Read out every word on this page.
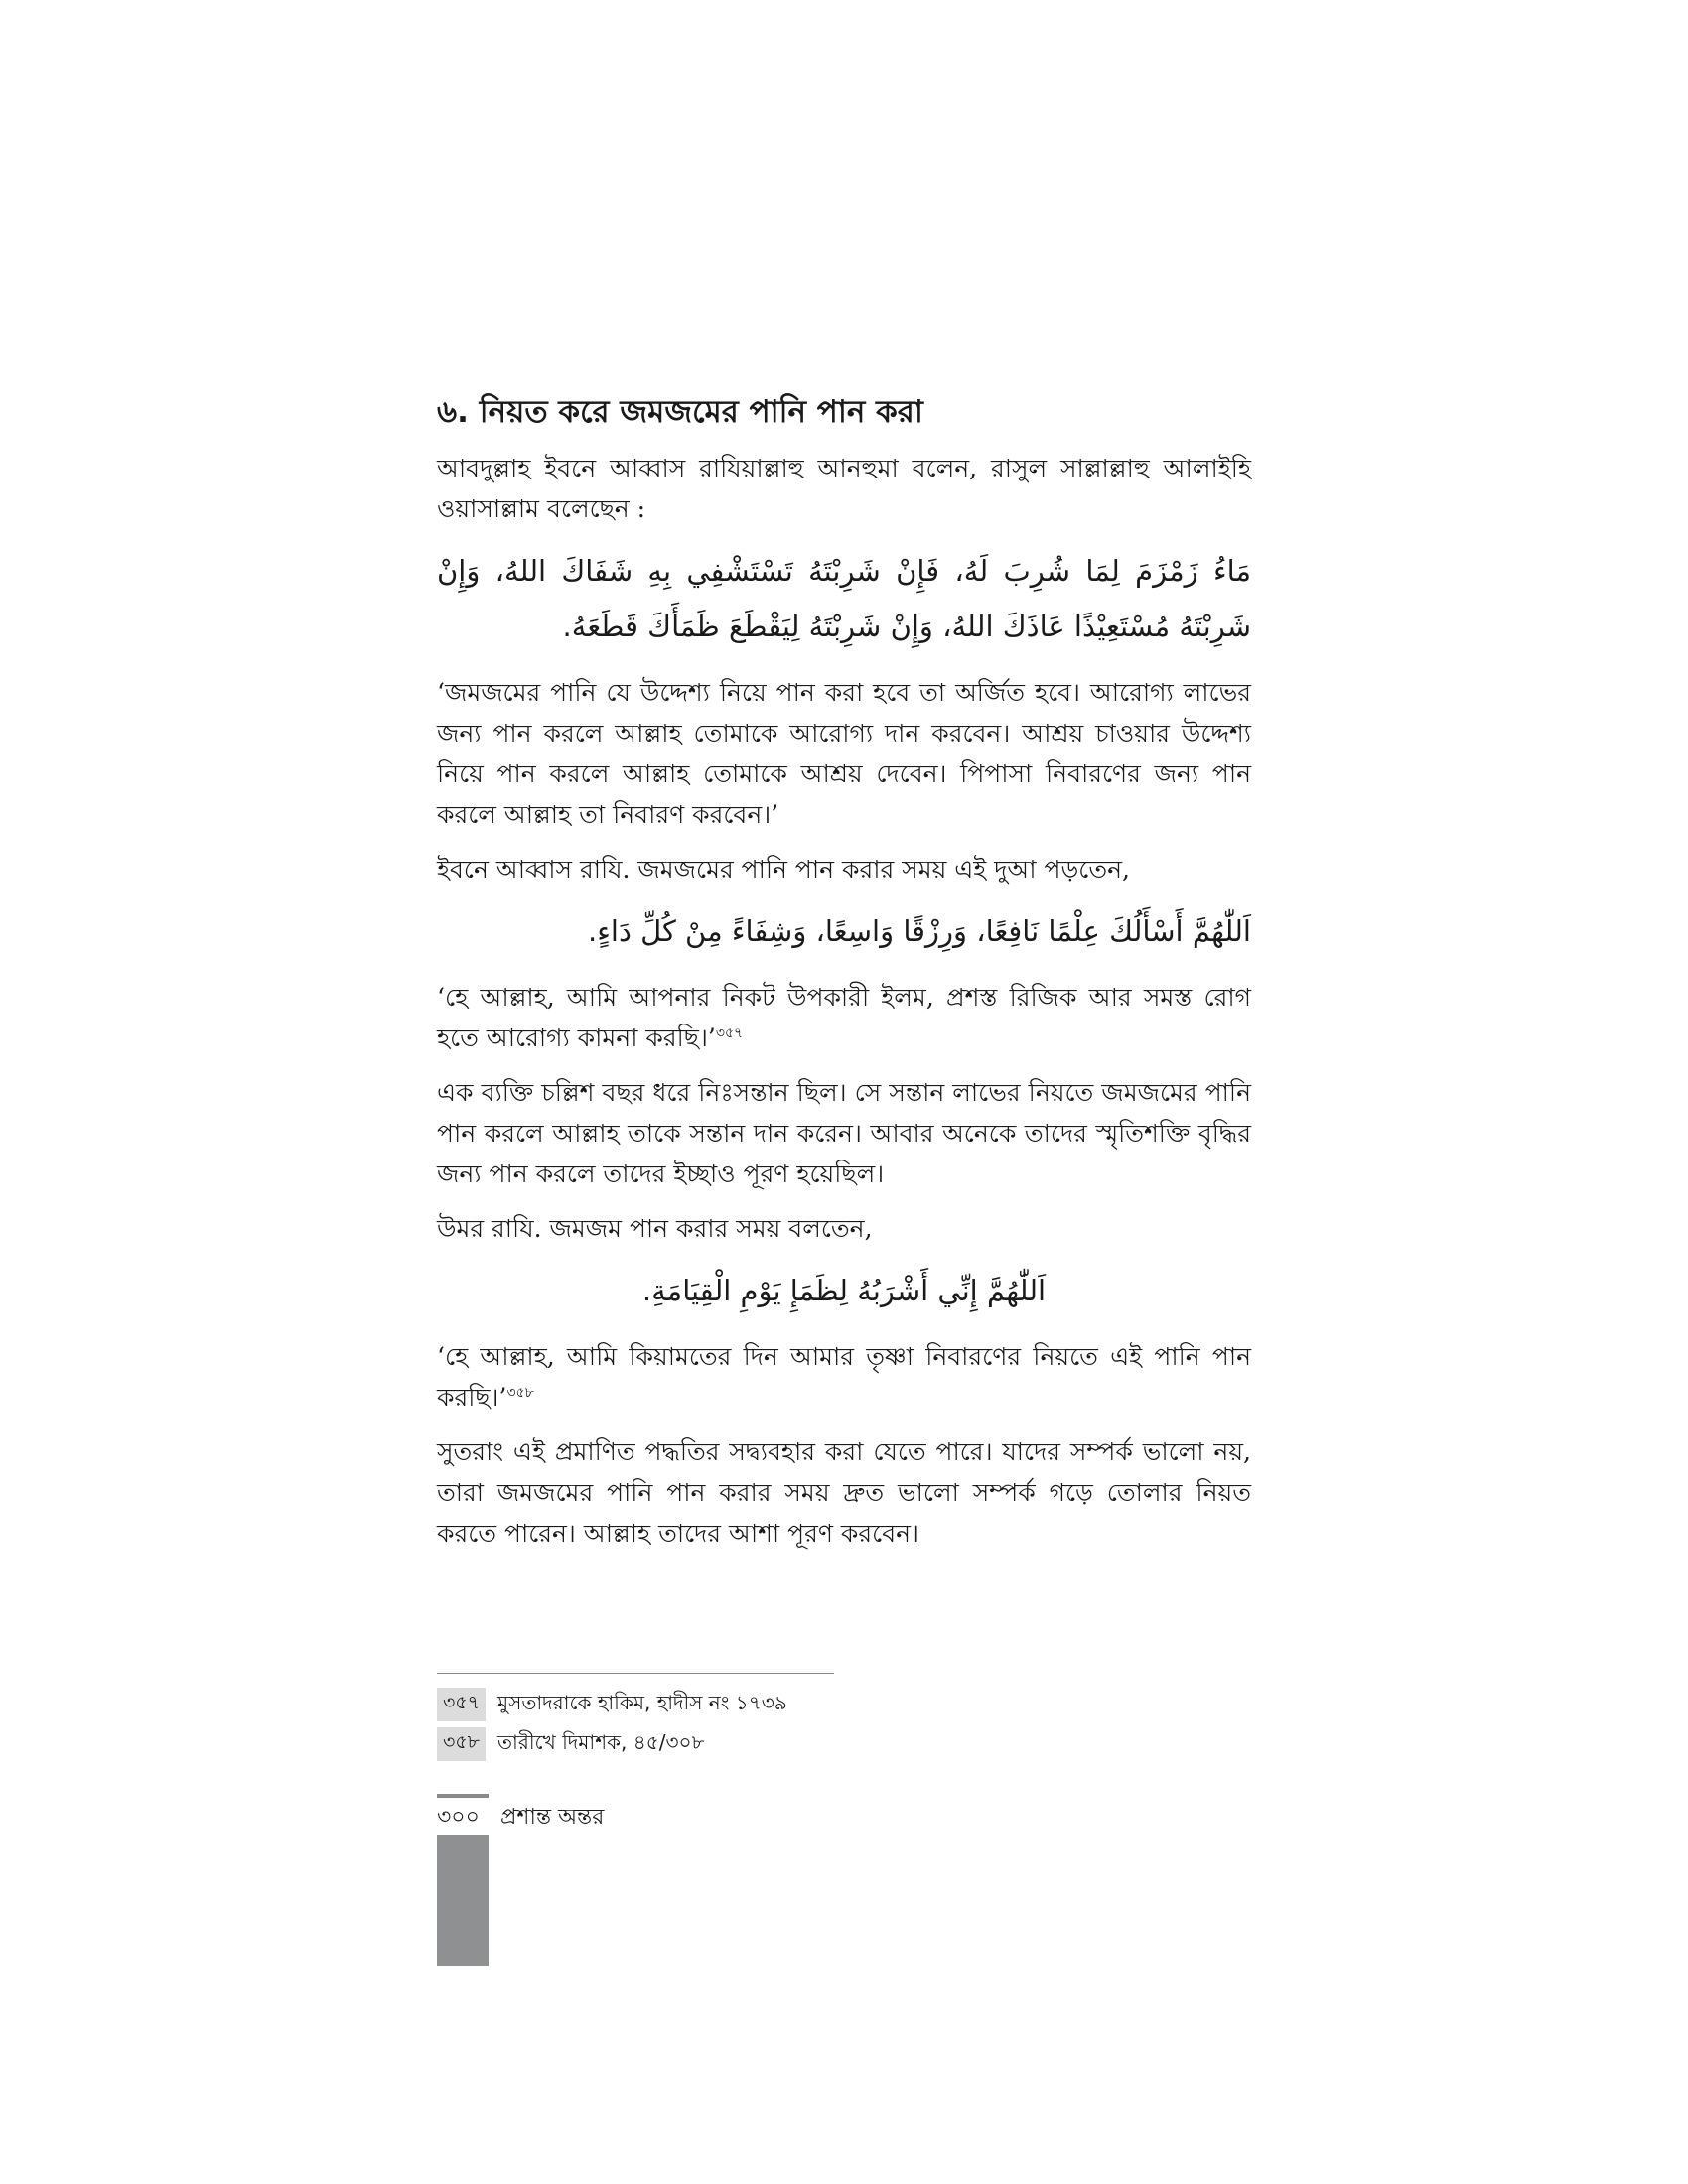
৬. নিয়ত করে জমজমের পানি পান করা

আবদুল্লাহ ইবনে আব্বাস রাযিয়াল্লাহু আনহুমা বলেন, রাসুল সাল্লাল্লাহু আলাইহি ওয়াসাল্লাম বলেছেন :

مَاءُ زَمْزَمَ لِمَا شُرِبَ لَهُ، فَإِنْ شَرِبْتَهُ تَسْتَشْفِي بِهِ شَفَاكَ اللهُ، وَإِنْ شَرِبْتَهُ مُسْتَعِيْذًا عَاذَكَ اللهُ، وَإِنْ شَرِبْتَهُ لِيَقْطَعَ ظَمَأَكَ قَطَعَهُ.

‘জমজমের পানি যে উদ্দেশ্য নিয়ে পান করা হবে তা অর্জিত হবে। আরোগ্য লাভের জন্য পান করলে আল্লাহ তোমাকে আরোগ্য দান করবেন। আশ্রয় চাওয়ার উদ্দেশ্য নিয়ে পান করলে আল্লাহ তোমাকে আশ্রয় দেবেন। পিপাসা নিবারণের জন্য পান করলে আল্লাহ তা নিবারণ করবেন।’

ইবনে আব্বাস রাযি. জমজমের পানি পান করার সময় এই দুআ পড়তেন,

اَللّٰهُمَّ أَسْأَلُكَ عِلْمًا نَافِعًا، وَرِزْقًا وَاسِعًا، وَشِفَاءً مِنْ كُلِّ دَاءٍ.

‘হে আল্লাহ, আমি আপনার নিকট উপকারী ইলম, প্রশস্ত রিজিক আর সমস্ত রোগ হতে আরোগ্য কামনা করছি।’$^{৩৫৭}$

এক ব্যক্তি চল্লিশ বছর ধরে নিঃসন্তান ছিল। সে সন্তান লাভের নিয়তে জমজমের পানি পান করলে আল্লাহ তাকে সন্তান দান করেন। আবার অনেকে তাদের স্মৃতিশক্তি বৃদ্ধির জন্য পান করলে তাদের ইচ্ছাও পূরণ হয়েছিল।

উমর রাযি. জমজম পান করার সময় বলতেন,

اَللّٰهُمَّ إِنِّي أَشْرَبُهُ لِظَمَإِ يَوْمِ الْقِيَامَةِ.

‘হে আল্লাহ, আমি কিয়ামতের দিন আমার তৃষ্ণা নিবারণের নিয়তে এই পানি পান করছি।’$^{৩৫৮}$

সুতরাং এই প্রমাণিত পদ্ধতির সদ্ব্যবহার করা যেতে পারে। যাদের সম্পর্ক ভালো নয়, তারা জমজমের পানি পান করার সময় দ্রুত ভালো সম্পর্ক গড়ে তোলার নিয়ত করতে পারেন। আল্লাহ তাদের আশা পূরণ করবেন।

৩৫৭ মুসতাদরাকে হাকিম, হাদীস নং ১৭৩৯
৩৫৮ তারীখে দিমাশক, ৪৫/৩০৮
৩০০ প্রশান্ত অন্তর
